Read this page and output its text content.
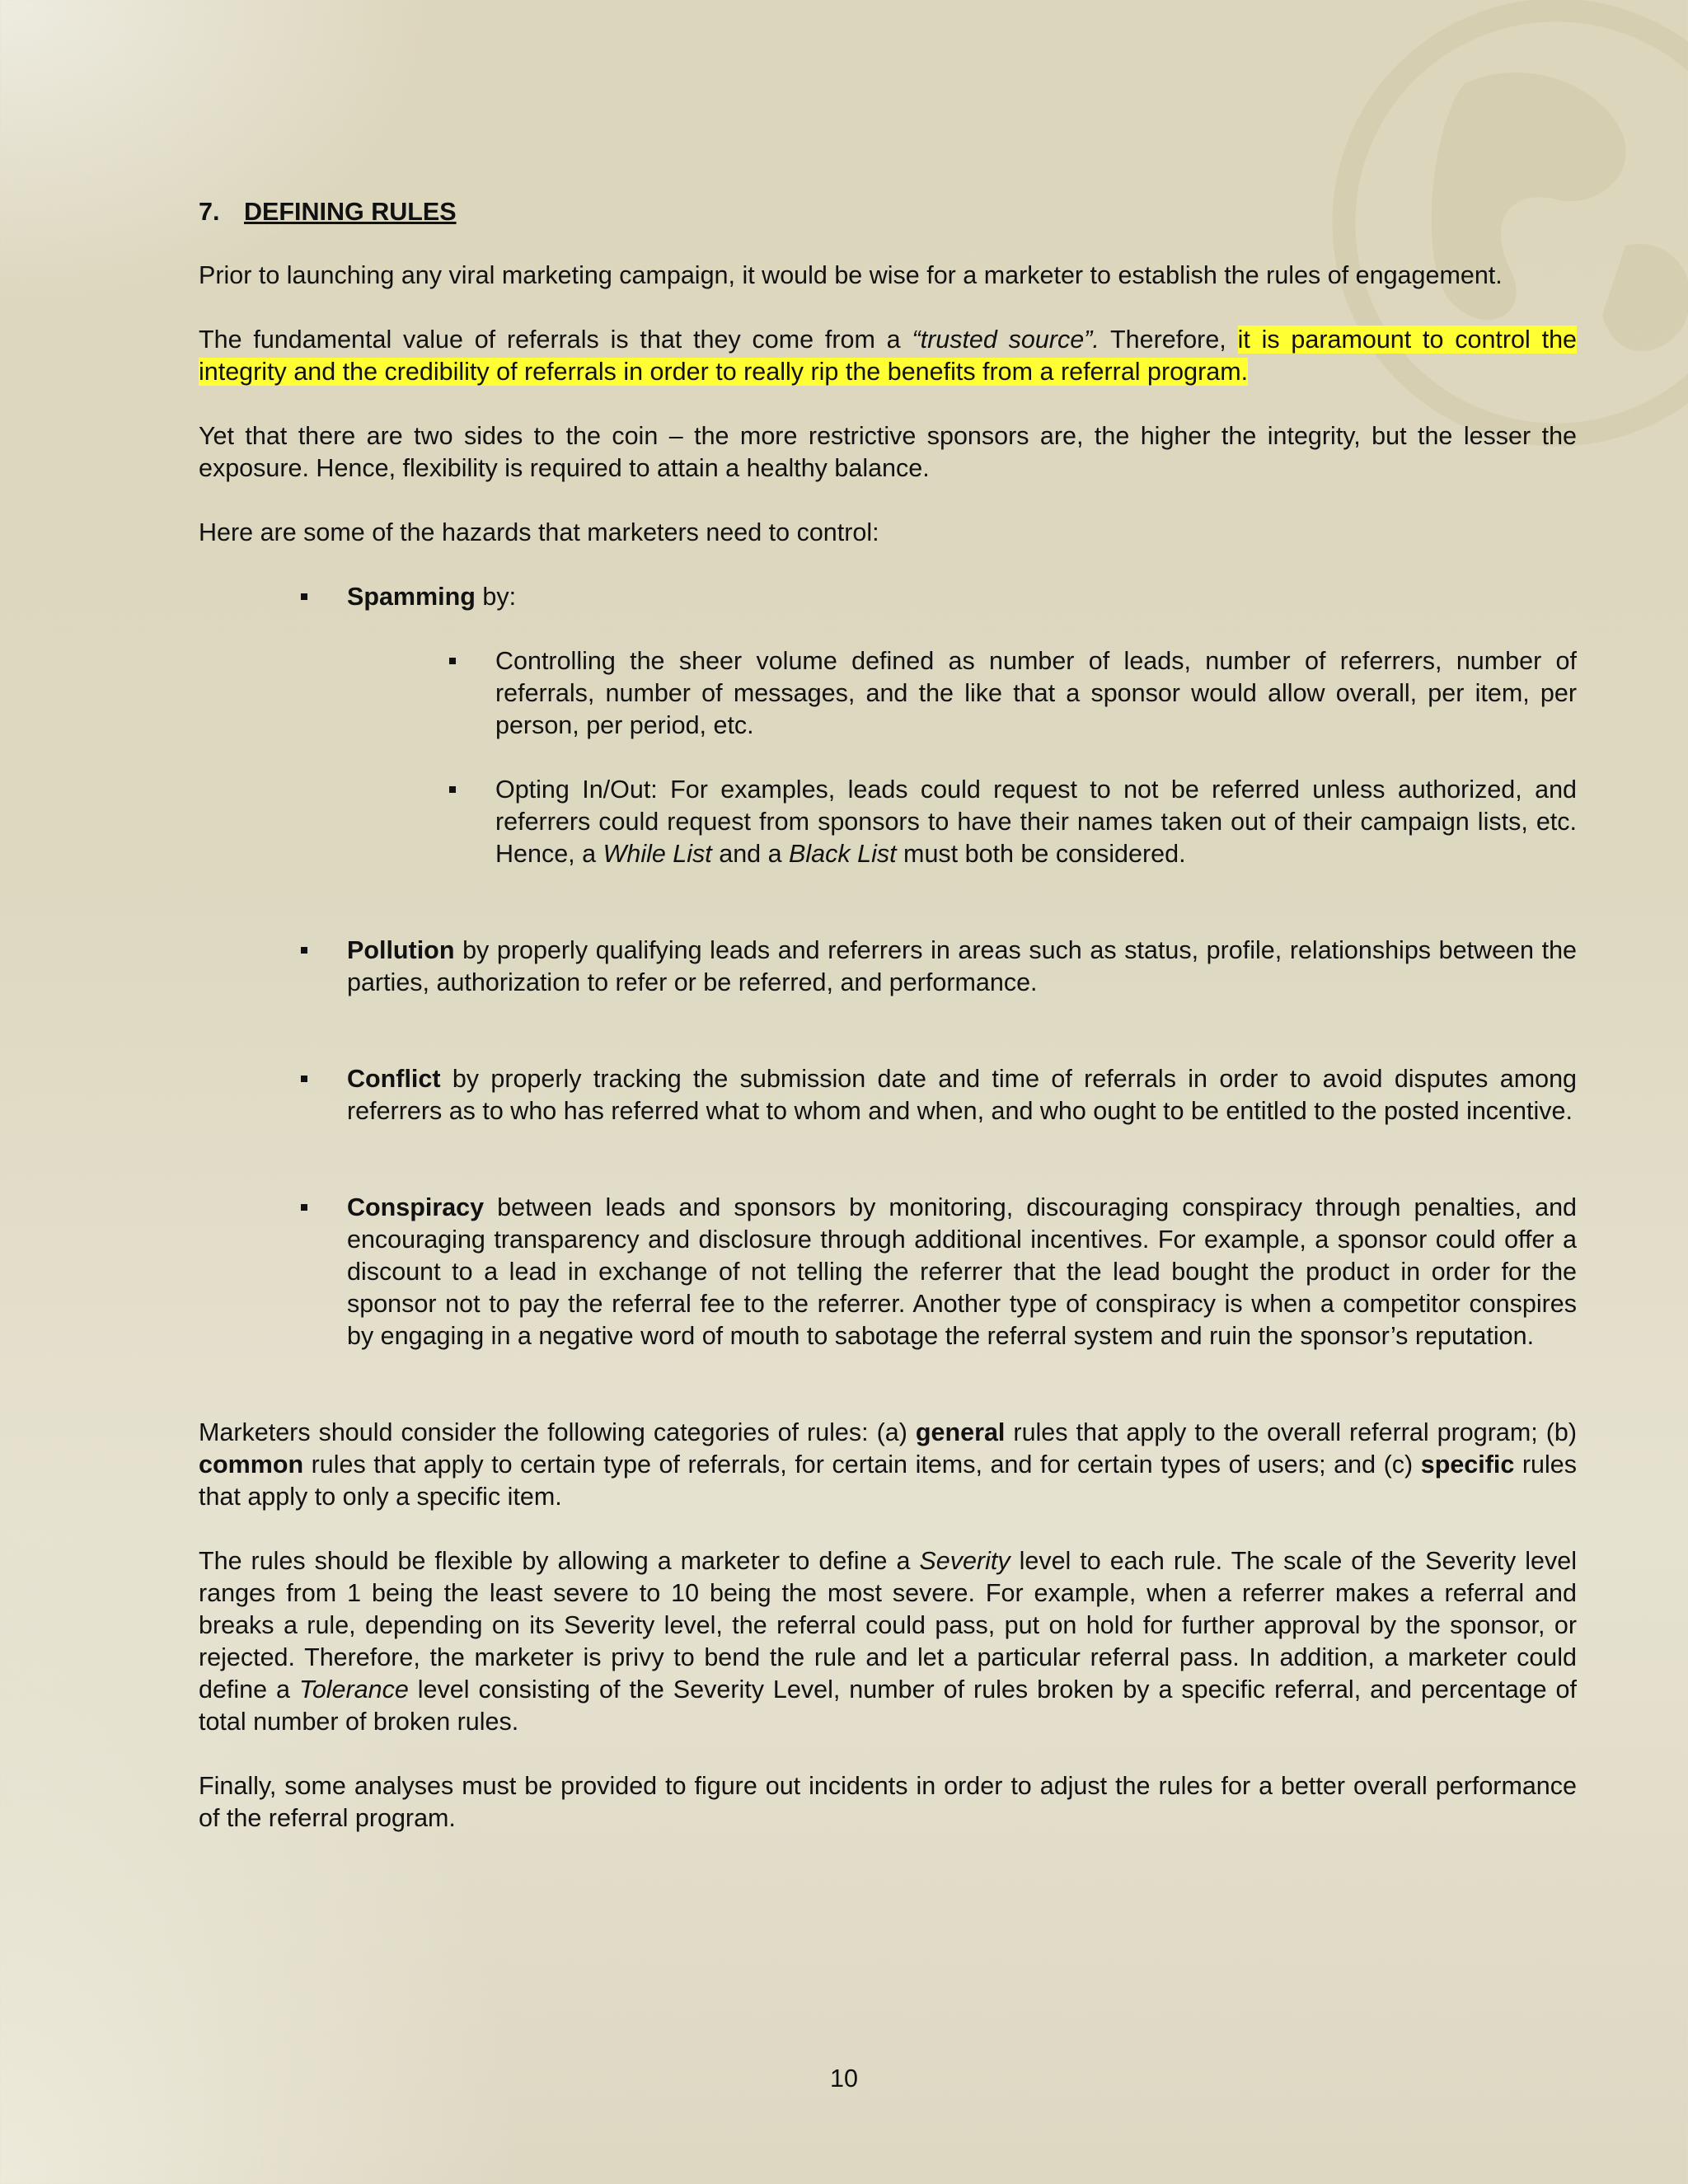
7. DEFINING RULES

Prior to launching any viral marketing campaign, it would be wise for a marketer to establish the rules of engagement.

The fundamental value of referrals is that they come from a “trusted source”. Therefore, it is paramount to control the integrity and the credibility of referrals in order to really rip the benefits from a referral program.

Yet that there are two sides to the coin – the more restrictive sponsors are, the higher the integrity, but the lesser the exposure. Hence, flexibility is required to attain a healthy balance.

Here are some of the hazards that marketers need to control:

Spamming by:
Controlling the sheer volume defined as number of leads, number of referrers, number of referrals, number of messages, and the like that a sponsor would allow overall, per item, per person, per period, etc.
Opting In/Out: For examples, leads could request to not be referred unless authorized, and referrers could request from sponsors to have their names taken out of their campaign lists, etc. Hence, a While List and a Black List must both be considered.
Pollution by properly qualifying leads and referrers in areas such as status, profile, relationships between the parties, authorization to refer or be referred, and performance.
Conflict by properly tracking the submission date and time of referrals in order to avoid disputes among referrers as to who has referred what to whom and when, and who ought to be entitled to the posted incentive.
Conspiracy between leads and sponsors by monitoring, discouraging conspiracy through penalties, and encouraging transparency and disclosure through additional incentives. For example, a sponsor could offer a discount to a lead in exchange of not telling the referrer that the lead bought the product in order for the sponsor not to pay the referral fee to the referrer. Another type of conspiracy is when a competitor conspires by engaging in a negative word of mouth to sabotage the referral system and ruin the sponsor’s reputation.

Marketers should consider the following categories of rules: (a) general rules that apply to the overall referral program; (b) common rules that apply to certain type of referrals, for certain items, and for certain types of users; and (c) specific rules that apply to only a specific item.

The rules should be flexible by allowing a marketer to define a Severity level to each rule. The scale of the Severity level ranges from 1 being the least severe to 10 being the most severe. For example, when a referrer makes a referral and breaks a rule, depending on its Severity level, the referral could pass, put on hold for further approval by the sponsor, or rejected. Therefore, the marketer is privy to bend the rule and let a particular referral pass. In addition, a marketer could define a Tolerance level consisting of the Severity Level, number of rules broken by a specific referral, and percentage of total number of broken rules.

Finally, some analyses must be provided to figure out incidents in order to adjust the rules for a better overall performance of the referral program.

10
